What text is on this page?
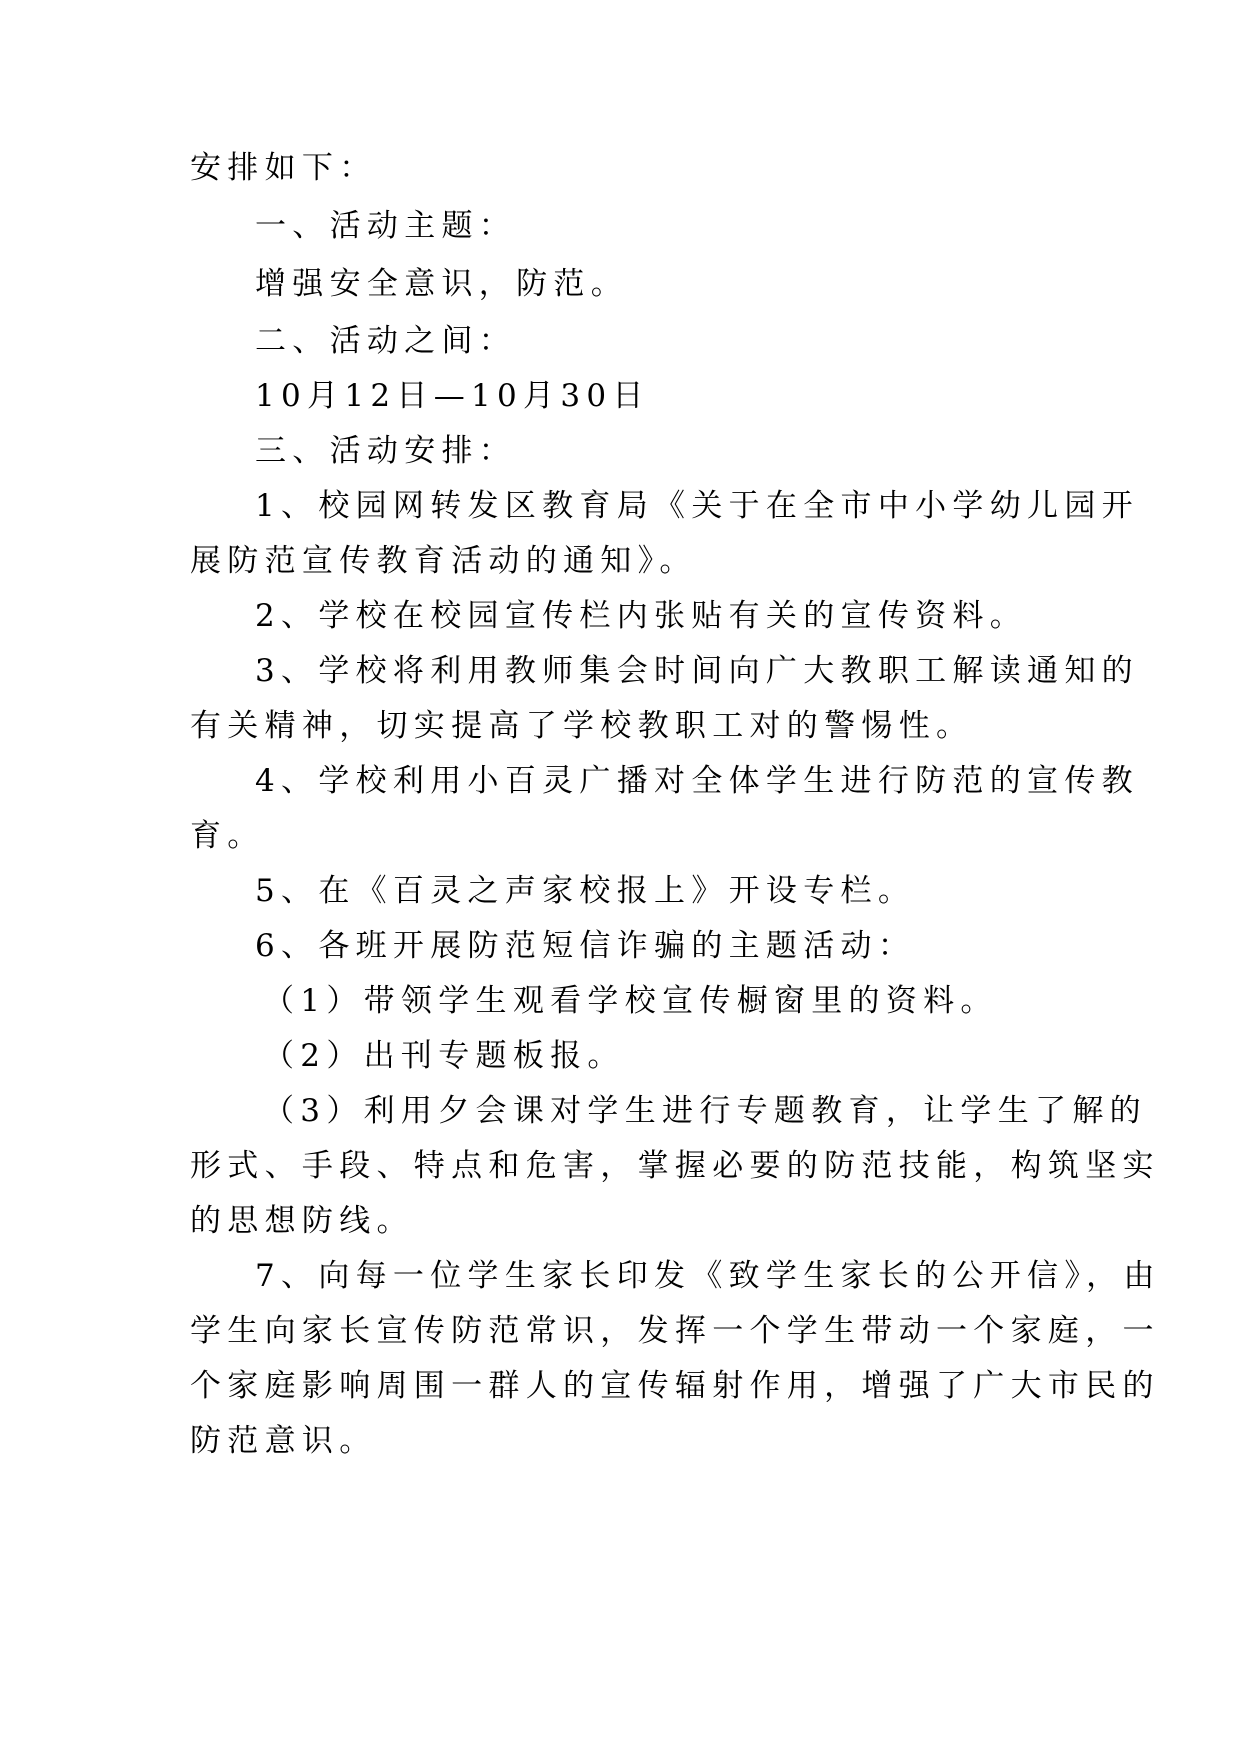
安排如下：
一、活动主题：
增强安全意识，防范。
二、活动之间：
10月12日—10月30日
三、活动安排：
1、校园网转发区教育局《关于在全市中小学幼儿园开
展防范宣传教育活动的通知》。
2、学校在校园宣传栏内张贴有关的宣传资料。
3、学校将利用教师集会时间向广大教职工解读通知的
有关精神，切实提高了学校教职工对的警惕性。
4、学校利用小百灵广播对全体学生进行防范的宣传教
育。
5、在《百灵之声家校报上》开设专栏。
6、各班开展防范短信诈骗的主题活动：
（1）带领学生观看学校宣传橱窗里的资料。
（2）出刊专题板报。
（3）利用夕会课对学生进行专题教育，让学生了解的
形式、手段、特点和危害，掌握必要的防范技能，构筑坚实
的思想防线。
7、向每一位学生家长印发《致学生家长的公开信》，由
学生向家长宣传防范常识，发挥一个学生带动一个家庭，一
个家庭影响周围一群人的宣传辐射作用，增强了广大市民的
防范意识。
